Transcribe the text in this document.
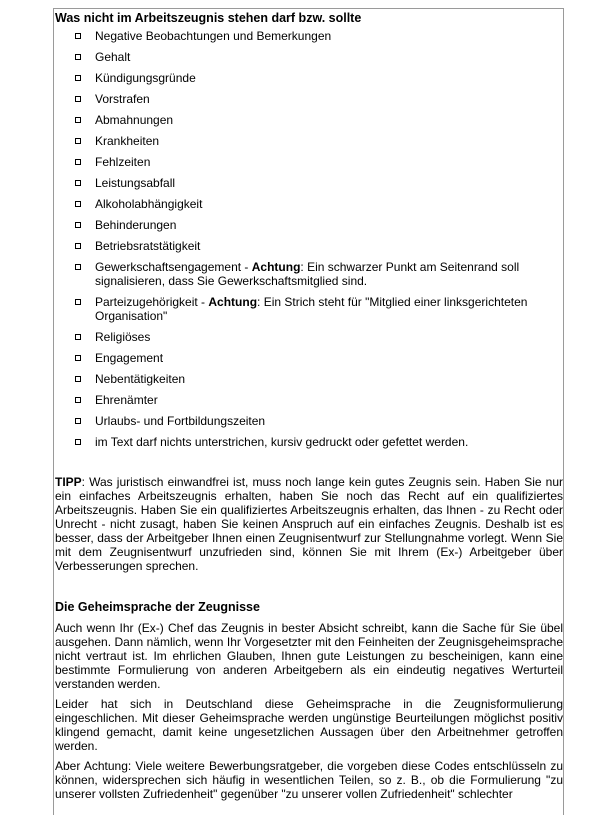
Was nicht im Arbeitszeugnis stehen darf bzw. sollte

Negative Beobachtungen und Bemerkungen
Gehalt
Kündigungsgründe
Vorstrafen
Abmahnungen
Krankheiten
Fehlzeiten
Leistungsabfall
Alkoholabhängigkeit
Behinderungen
Betriebsratstätigkeit
Gewerkschaftsengagement - Achtung: Ein schwarzer Punkt am Seitenrand soll signalisieren, dass Sie Gewerkschaftsmitglied sind.
Parteizugehörigkeit - Achtung: Ein Strich steht für "Mitglied einer linksgerichteten Organisation"
Religiöses
Engagement
Nebentätigkeiten
Ehrenämter
Urlaubs- und Fortbildungszeiten
im Text darf nichts unterstrichen, kursiv gedruckt oder gefettet werden.

TIPP: Was juristisch einwandfrei ist, muss noch lange kein gutes Zeugnis sein. Haben Sie nur ein einfaches Arbeitszeugnis erhalten, haben Sie noch das Recht auf ein qualifiziertes Arbeitszeugnis. Haben Sie ein qualifiziertes Arbeitszeugnis erhalten, das Ihnen - zu Recht oder Unrecht - nicht zusagt, haben Sie keinen Anspruch auf ein einfaches Zeugnis. Deshalb ist es besser, dass der Arbeitgeber Ihnen einen Zeugnisentwurf zur Stellungnahme vorlegt. Wenn Sie mit dem Zeugnisentwurf unzufrieden sind, können Sie mit Ihrem (Ex-) Arbeitgeber über Verbesserungen sprechen.

Die Geheimsprache der Zeugnisse

Auch wenn Ihr (Ex-) Chef das Zeugnis in bester Absicht schreibt, kann die Sache für Sie übel ausgehen. Dann nämlich, wenn Ihr Vorgesetzter mit den Feinheiten der Zeugnisgeheimsprache nicht vertraut ist. Im ehrlichen Glauben, Ihnen gute Leistungen zu bescheinigen, kann eine bestimmte Formulierung von anderen Arbeitgebern als ein eindeutig negatives Werturteil verstanden werden.

Leider hat sich in Deutschland diese Geheimsprache in die Zeugnisformulierung eingeschlichen. Mit dieser Geheimsprache werden ungünstige Beurteilungen möglichst positiv klingend gemacht, damit keine ungesetzlichen Aussagen über den Arbeitnehmer getroffen werden.

Aber Achtung: Viele weitere Bewerbungsratgeber, die vorgeben diese Codes entschlüsseln zu können, widersprechen sich häufig in wesentlichen Teilen, so z. B., ob die Formulierung "zu unserer vollsten Zufriedenheit" gegenüber "zu unserer vollen Zufriedenheit" schlechter
